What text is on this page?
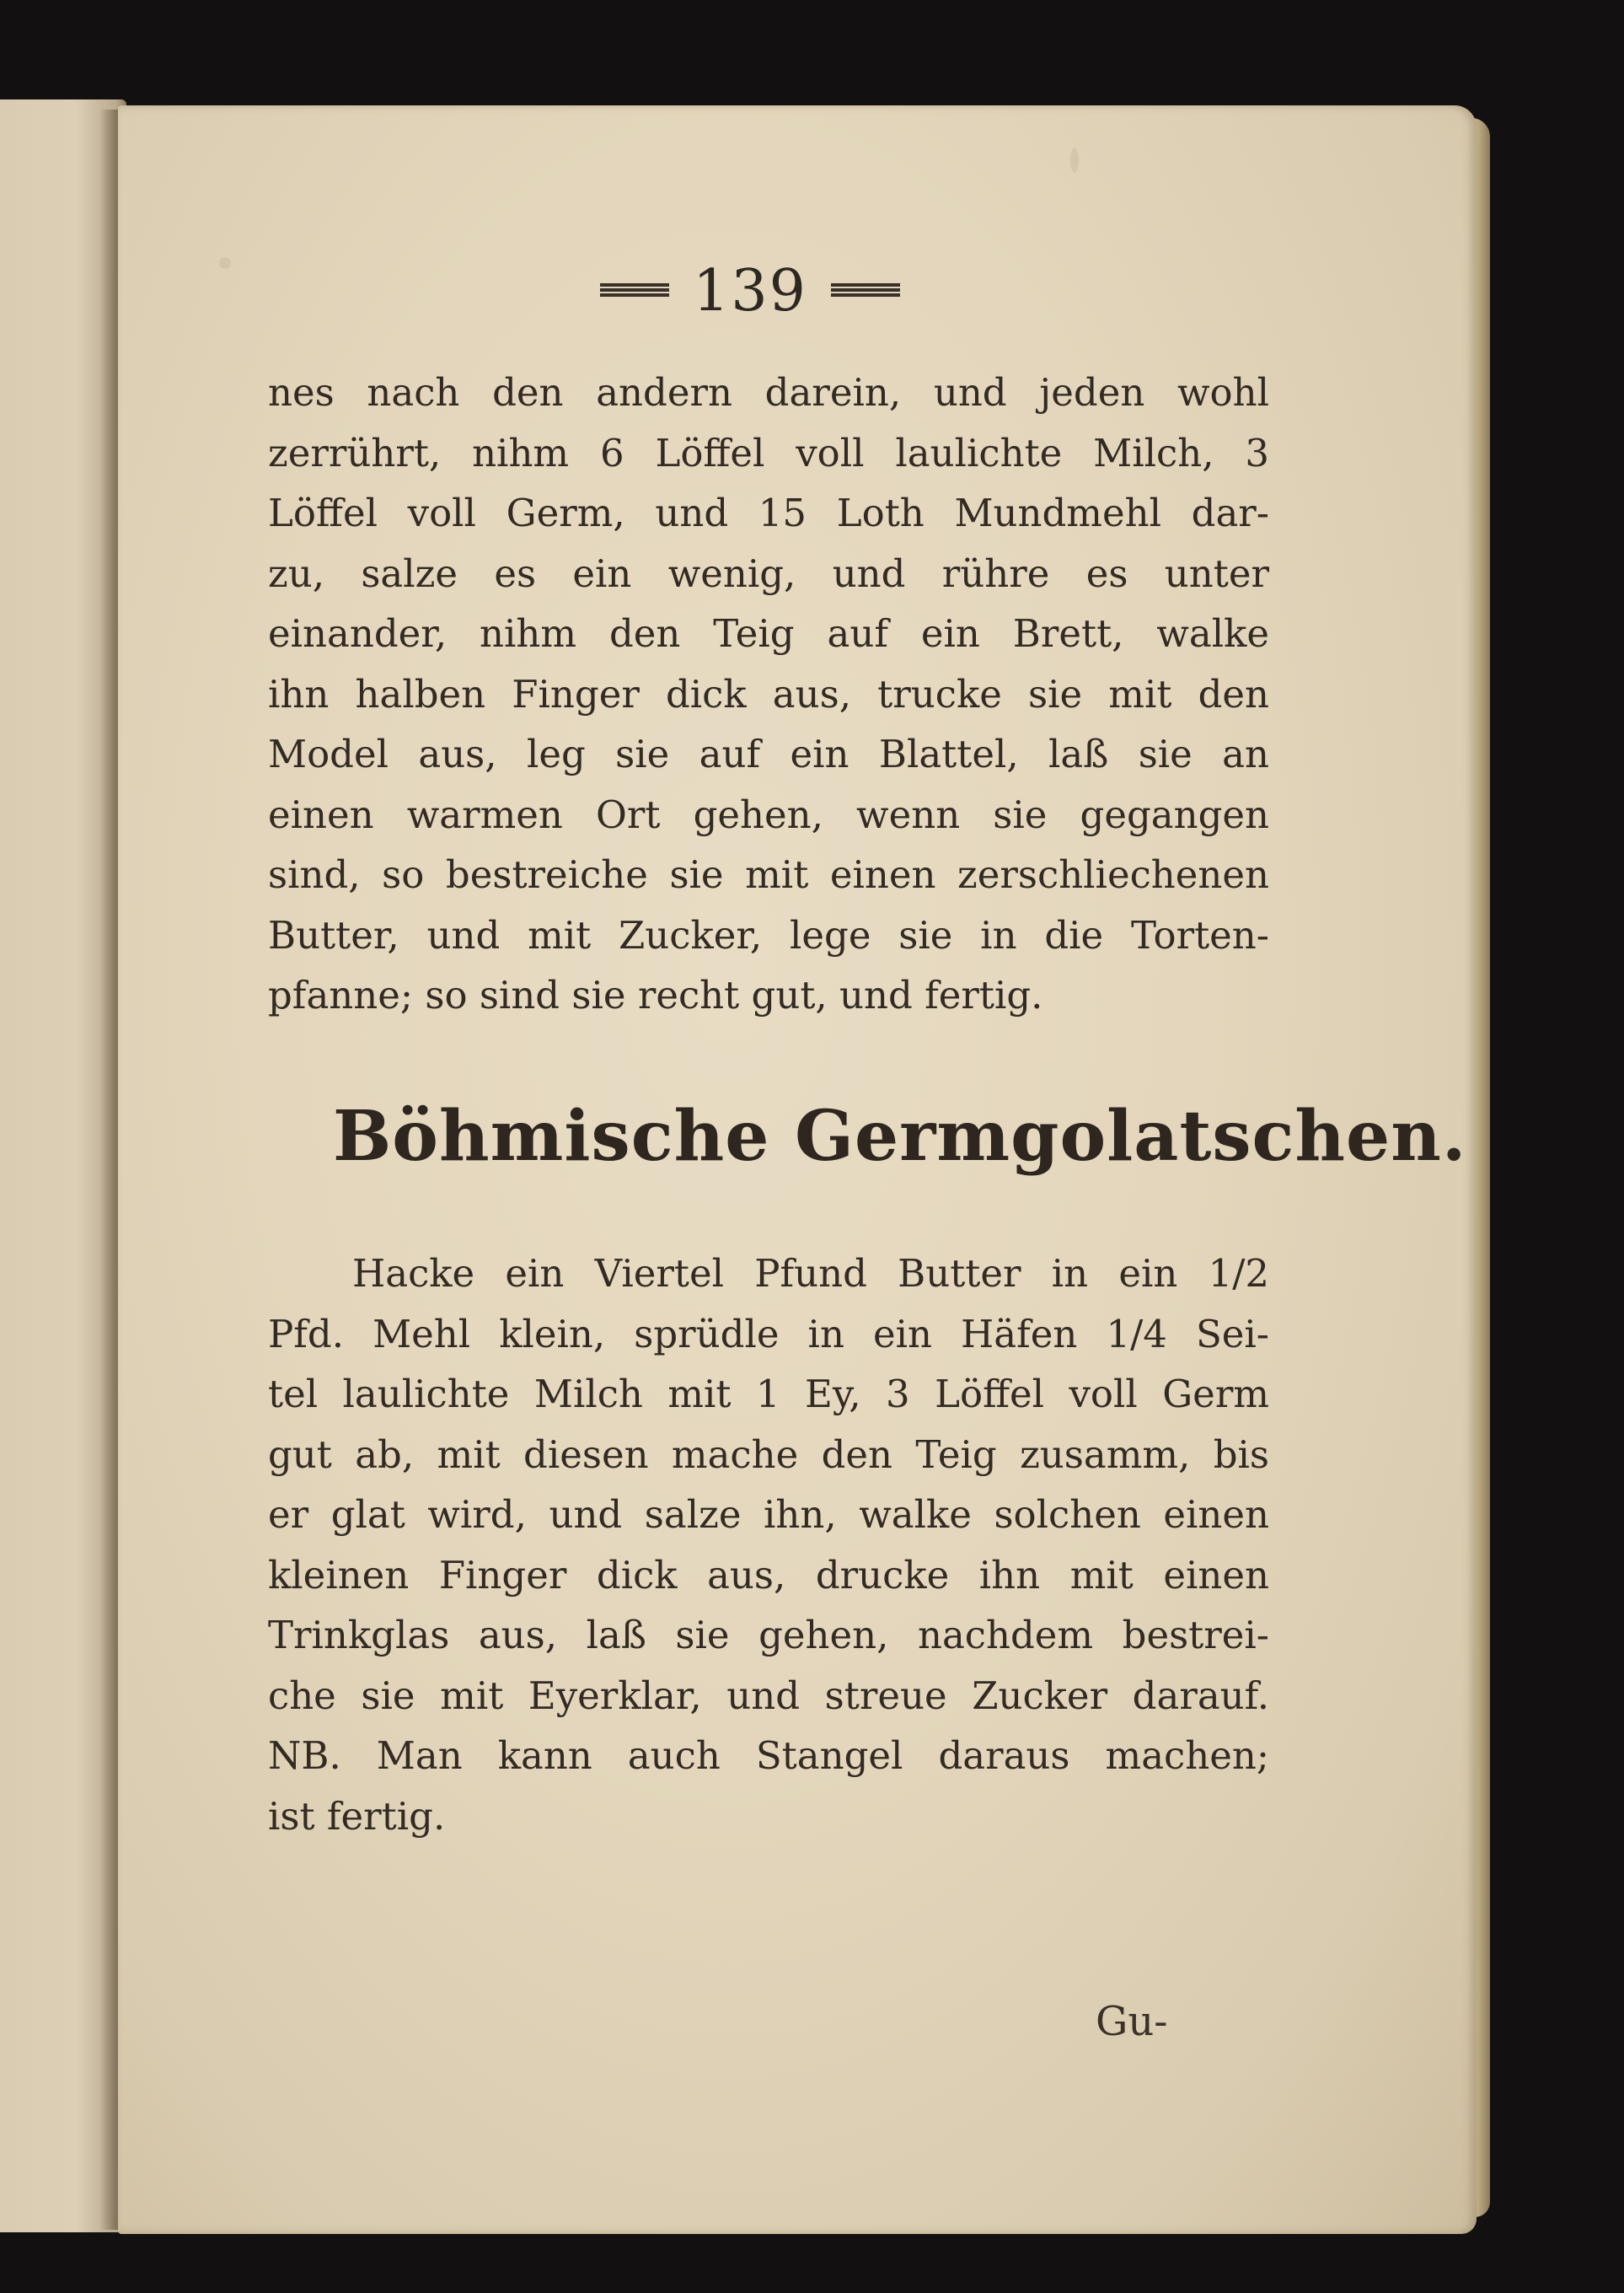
139
nes nach den andern darein, und jeden wohl
zerrührt, nihm 6 Löffel voll laulichte Milch, 3
Löffel voll Germ, und 15 Loth Mundmehl dar-
zu, salze es ein wenig, und rühre es unter
einander, nihm den Teig auf ein Brett, walke
ihn halben Finger dick aus, trucke sie mit den
Model aus, leg sie auf ein Blattel, laß sie an
einen warmen Ort gehen, wenn sie gegangen
sind, so bestreiche sie mit einen zerschliechenen
Butter, und mit Zucker, lege sie in die Torten-
pfanne; so sind sie recht gut, und fertig.
Böhmische Germgolatschen.
Hacke ein Viertel Pfund Butter in ein 1/2
Pfd. Mehl klein, sprüdle in ein Häfen 1/4 Sei-
tel laulichte Milch mit 1 Ey, 3 Löffel voll Germ
gut ab, mit diesen mache den Teig zusamm, bis
er glat wird, und salze ihn, walke solchen einen
kleinen Finger dick aus, drucke ihn mit einen
Trinkglas aus, laß sie gehen, nachdem bestrei-
che sie mit Eyerklar, und streue Zucker darauf.
NB. Man kann auch Stangel daraus machen;
ist fertig.
Gu-
